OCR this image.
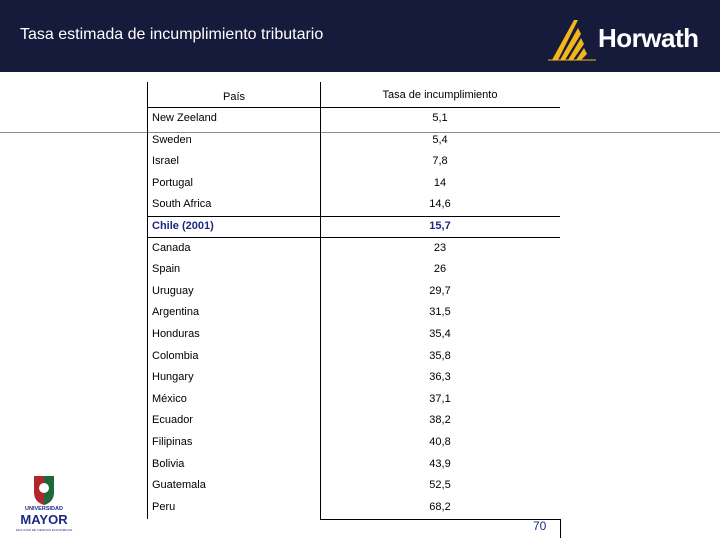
Tasa estimada de incumplimiento tributario	Horwath
País	Tasa de incumplimiento
New Zeeland	5,1
Sweden	5,4
Israel	7,8
Portugal	14
South Africa	14,6
Chile (2001)	15,7
Canada	23
Spain	26
Uruguay	29,7
Argentina	31,5
Honduras	35,4
Colombia	35,8
Hungary	36,3
México	37,1
Ecuador	38,2
Filipinas	40,8
Bolivia	43,9
Guatemala	52,5
Peru	68,2
70
UNIVERSIDAD
MAYOR
FACULTAD DE CIENCIAS ECONÓMICAS
